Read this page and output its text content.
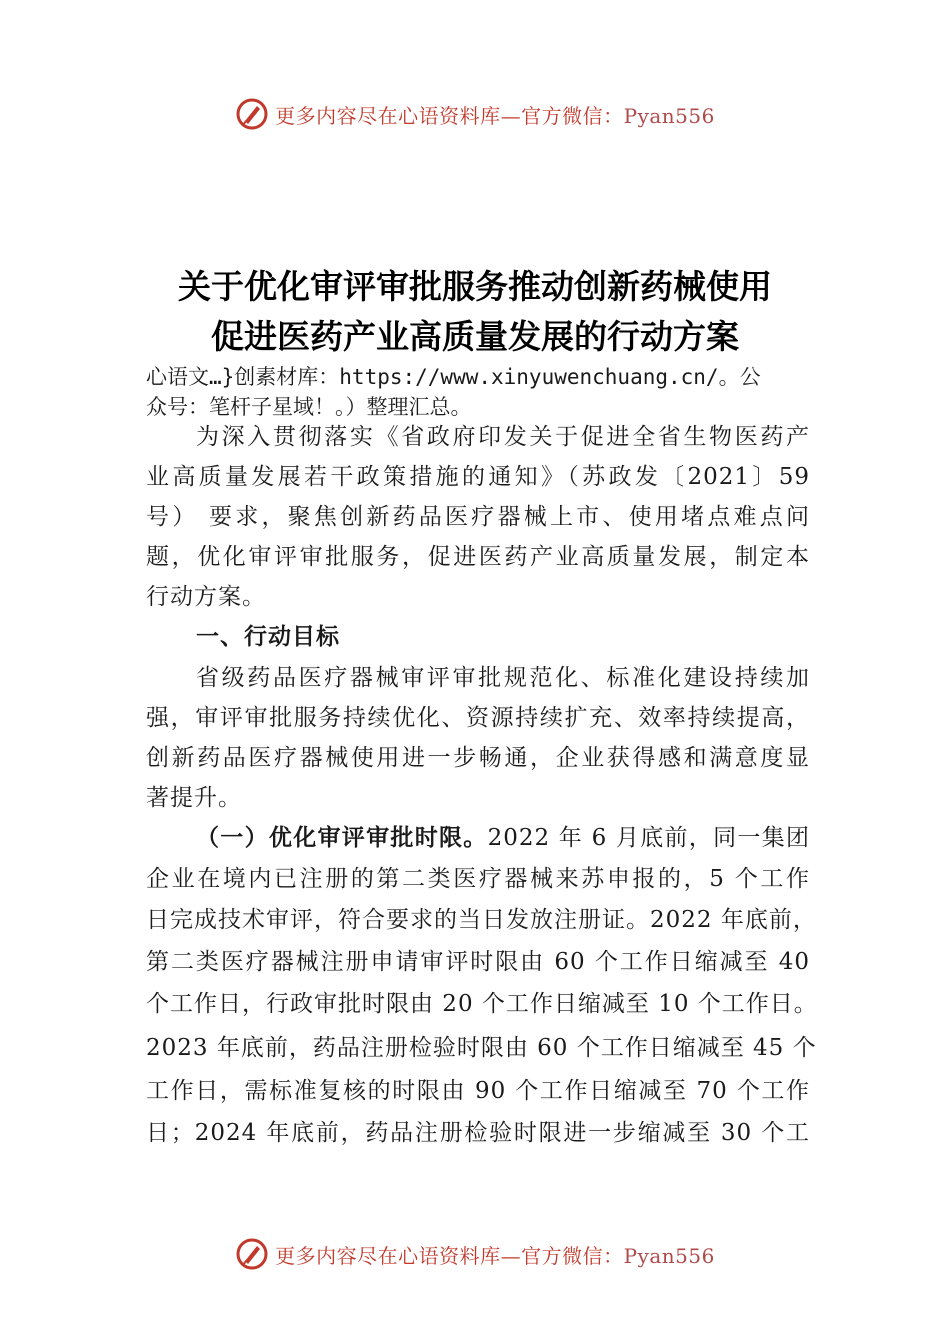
更多内容尽在心语资料库—官方微信：Pyan556
关于优化审评审批服务推动创新药械使用
促进医药产业高质量发展的行动方案
心语文…}创素材库：https://www.xinyuwenchuang.cn/。公
众号：笔杆子星域！。）整理汇总。
为深入贯彻落实《省政府印发关于促进全省生物医药产
业高质量发展若干政策措施的通知》（苏政发〔2021〕59
号） 要求，聚焦创新药品医疗器械上市、使用堵点难点问
题，优化审评审批服务，促进医药产业高质量发展，制定本
行动方案。
一、行动目标
省级药品医疗器械审评审批规范化、标准化建设持续加
强，审评审批服务持续优化、资源持续扩充、效率持续提高，
创新药品医疗器械使用进一步畅通，企业获得感和满意度显
著提升。
（一）优化审评审批时限。2022 年 6 月底前，同一集团
企业在境内已注册的第二类医疗器械来苏申报的，5 个工作
日完成技术审评，符合要求的当日发放注册证。2022 年底前，
第二类医疗器械注册申请审评时限由 60 个工作日缩减至 40
个工作日，行政审批时限由 20 个工作日缩减至 10 个工作日。
2023 年底前，药品注册检验时限由 60 个工作日缩减至 45 个
工作日，需标准复核的时限由 90 个工作日缩减至 70 个工作
日；2024 年底前，药品注册检验时限进一步缩减至 30 个工
更多内容尽在心语资料库—官方微信：Pyan556
